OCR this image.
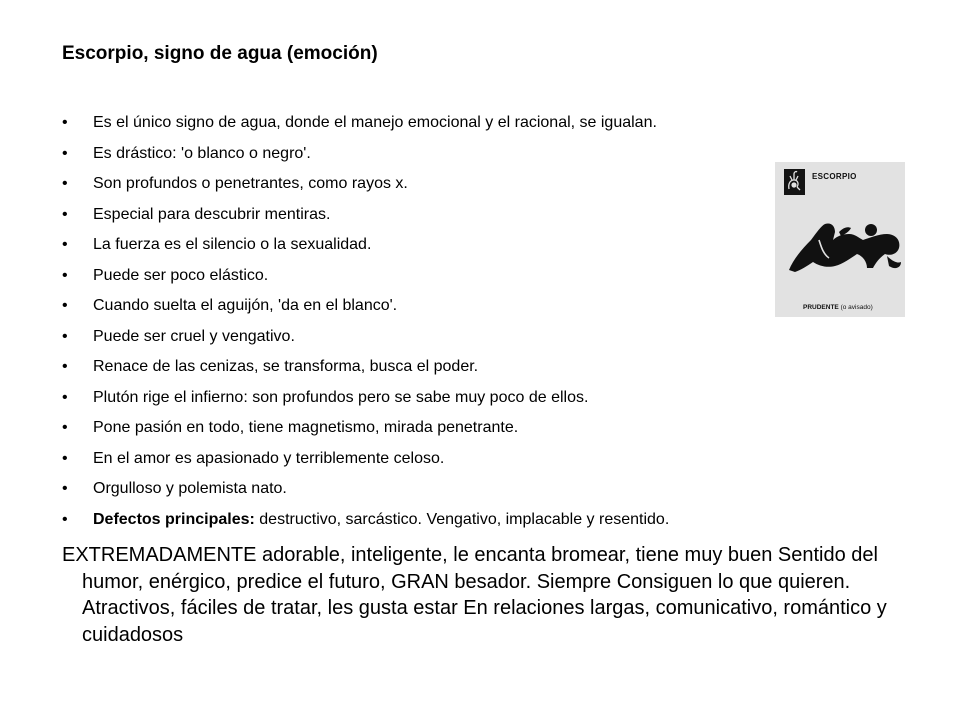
Escorpio, signo de agua (emoción)
• Es el único signo de agua, donde el manejo emocional y el racional, se igualan.
• Es drástico: 'o blanco o negro'.
• Son profundos o penetrantes, como rayos x.
• Especial para descubrir mentiras.
• La fuerza es el silencio o la sexualidad.
• Puede ser poco elástico.
• Cuando suelta el aguijón, 'da en el blanco'.
• Puede ser cruel y vengativo.
• Renace de las cenizas, se transforma, busca el poder.
• Plutón rige el infierno: son profundos pero se sabe muy poco de ellos.
• Pone pasión en todo, tiene magnetismo, mirada penetrante.
• En el amor es apasionado y terriblemente celoso.
• Orgulloso y polemista nato.
• Defectos principales: destructivo, sarcástico. Vengativo, implacable y resentido.

EXTREMADAMENTE adorable, inteligente, le encanta bromear, tiene muy buen Sentido del humor, enérgico, predice el futuro, GRAN besador. Siempre Consiguen lo que quieren. Atractivos, fáciles de tratar, les gusta estar En relaciones largas, comunicativo, romántico y cuidadosos

ESCORPIO
PRUDENTE (o avisado)
